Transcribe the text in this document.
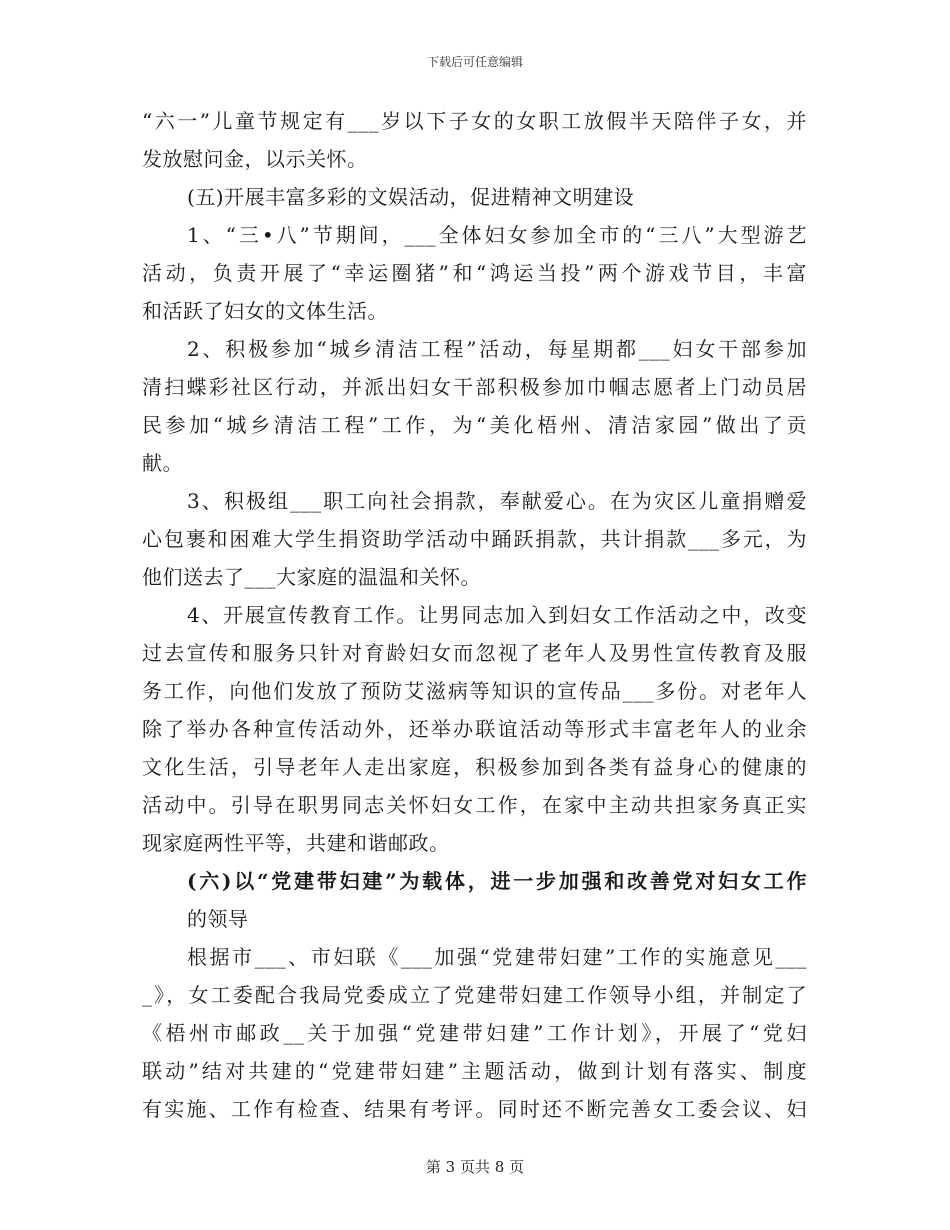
下载后可任意编辑
“六一”儿童节规定有___岁以下子女的女职工放假半天陪伴子女，并
发放慰问金，以示关怀。
(五)开展丰富多彩的文娱活动，促进精神文明建设
1、“三•八”节期间，___全体妇女参加全市的“三八”大型游艺
活动，负责开展了“幸运圈猪”和“鸿运当投”两个游戏节目，丰富
和活跃了妇女的文体生活。
2、积极参加“城乡清洁工程”活动，每星期都___妇女干部参加
清扫蝶彩社区行动，并派出妇女干部积极参加巾帼志愿者上门动员居
民参加“城乡清洁工程”工作，为“美化梧州、清洁家园”做出了贡
献。
3、积极组___职工向社会捐款，奉献爱心。在为灾区儿童捐赠爱
心包裹和困难大学生捐资助学活动中踊跃捐款，共计捐款___多元，为
他们送去了___大家庭的温温和关怀。
4、开展宣传教育工作。让男同志加入到妇女工作活动之中，改变
过去宣传和服务只针对育龄妇女而忽视了老年人及男性宣传教育及服
务工作，向他们发放了预防艾滋病等知识的宣传品___多份。对老年人
除了举办各种宣传活动外，还举办联谊活动等形式丰富老年人的业余
文化生活，引导老年人走出家庭，积极参加到各类有益身心的健康的
活动中。引导在职男同志关怀妇女工作，在家中主动共担家务真正实
现家庭两性平等，共建和谐邮政。
(六)以“党建带妇建”为载体，进一步加强和改善党对妇女工作
的领导
根据市___、市妇联《___加强“党建带妇建”工作的实施意见___
_》，女工委配合我局党委成立了党建带妇建工作领导小组，并制定了
《梧州市邮政__关于加强“党建带妇建”工作计划》，开展了“党妇
联动”结对共建的“党建带妇建”主题活动，做到计划有落实、制度
有实施、工作有检查、结果有考评。同时还不断完善女工委会议、妇
第 3 页共 8 页
